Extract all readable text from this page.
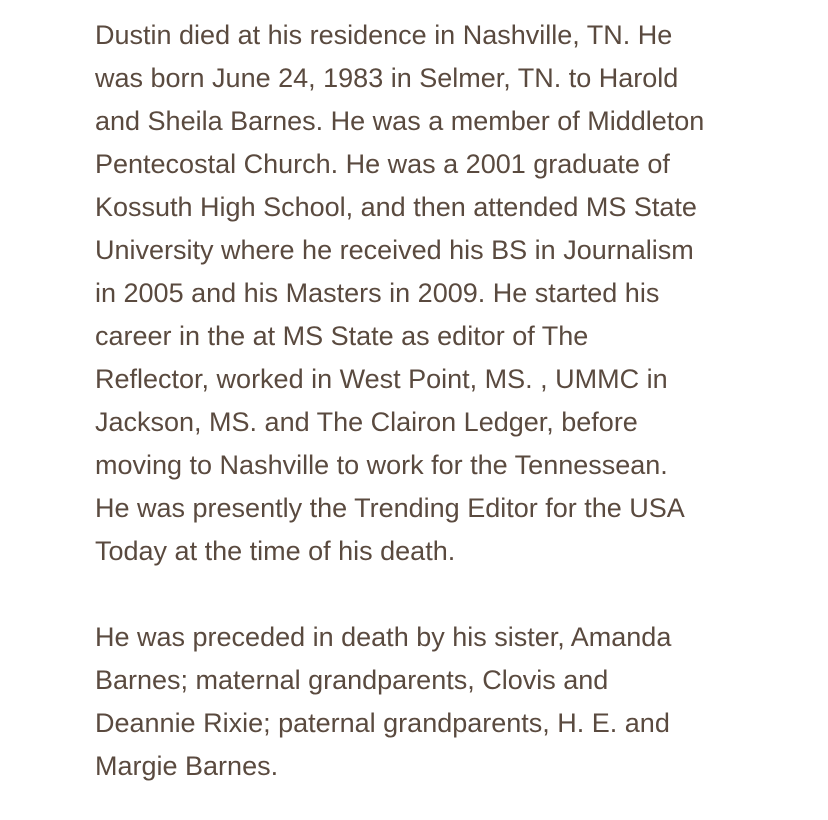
Dustin died at his residence in Nashville, TN. He
was born June 24, 1983 in Selmer, TN. to Harold
and Sheila Barnes. He was a member of Middleton
Pentecostal Church. He was a 2001 graduate of
Kossuth High School, and then attended MS State
University where he received his BS in Journalism
in 2005 and his Masters in 2009. He started his
career in the at MS State as editor of The
Reflector, worked in West Point, MS. , UMMC in
Jackson, MS. and The Clairon Ledger, before
moving to Nashville to work for the Tennessean.
He was presently the Trending Editor for the USA
Today at the time of his death.
He was preceded in death by his sister, Amanda
Barnes; maternal grandparents, Clovis and
Deannie Rixie; paternal grandparents, H. E. and
Margie Barnes.
